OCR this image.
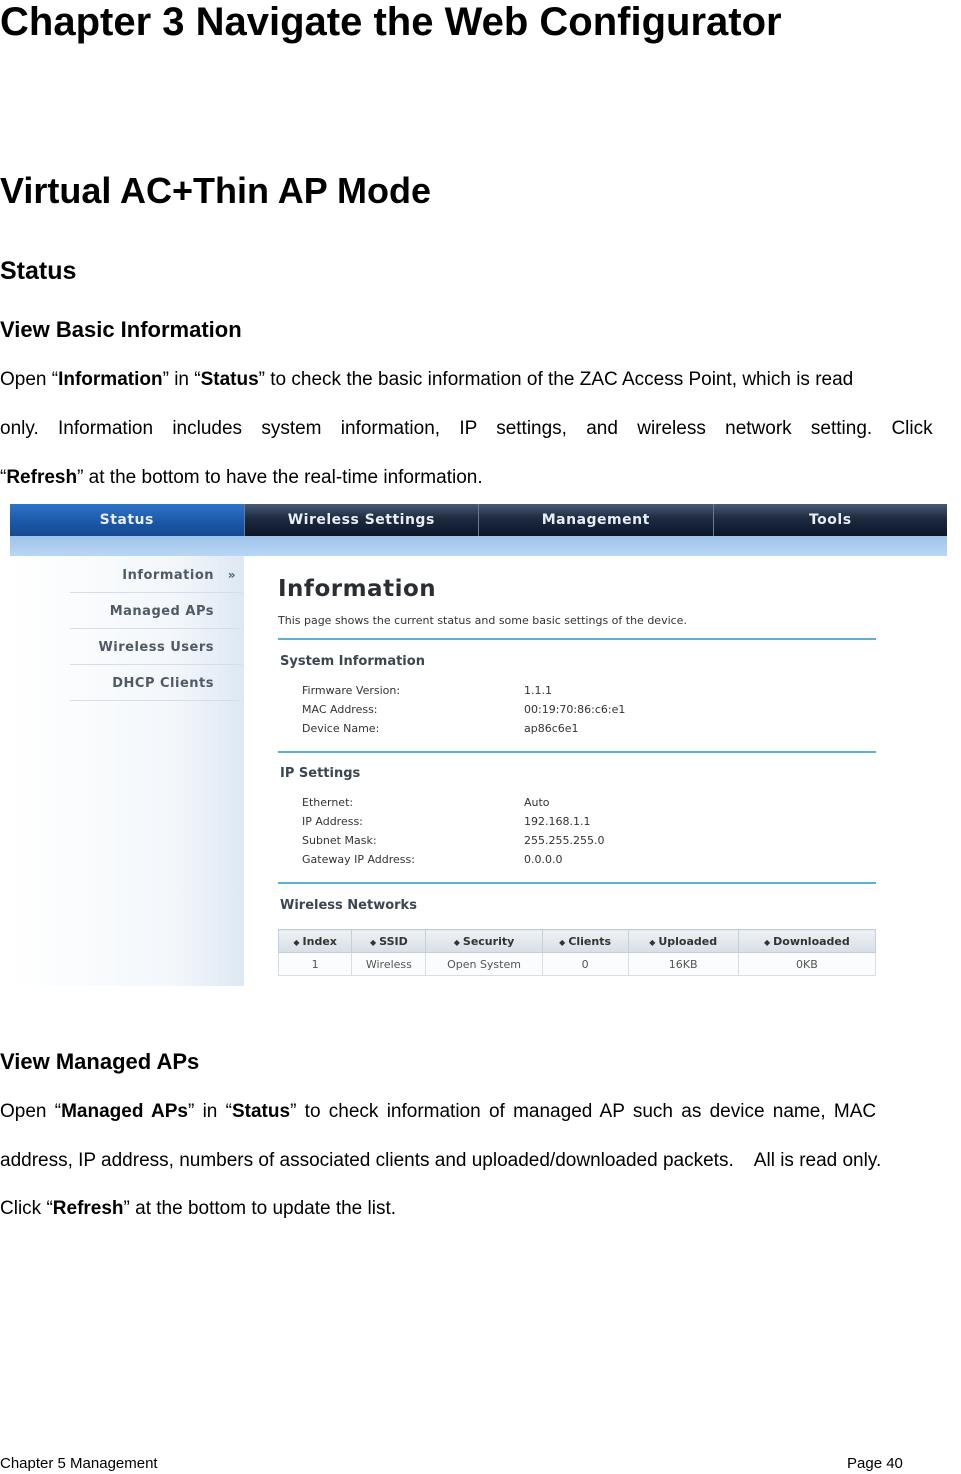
Chapter 3 Navigate the Web Configurator
Virtual AC+Thin AP Mode
Status
View Basic Information

Open “Information” in “Status” to check the basic information of the ZAC Access Point, which is read

only. Information includes system information, IP settings, and wireless network setting. Click

“Refresh” at the bottom to have the real-time information.

Status	Wireless Settings	Management	Tools
Information »
Managed APs
Wireless Users
DHCP Clients
Information
This page shows the current status and some basic settings of the device.
System Information
Firmware Version:	1.1.1
MAC Address:	00:19:70:86:c6:e1
Device Name:	ap86c6e1
IP Settings
Ethernet:	Auto
IP Address:	192.168.1.1
Subnet Mask:	255.255.255.0
Gateway IP Address:	0.0.0.0
Wireless Networks
◆ Index	◆ SSID	◆ Security	◆ Clients	◆ Uploaded	◆ Downloaded
1	Wireless	Open System	0	16KB	0KB
View Managed APs

Open “Managed APs” in “Status” to check information of managed AP such as device name, MAC

address, IP address, numbers of associated clients and uploaded/downloaded packets.    All is read only.

Click “Refresh” at the bottom to update the list.

Chapter 5 Management	Page 40
